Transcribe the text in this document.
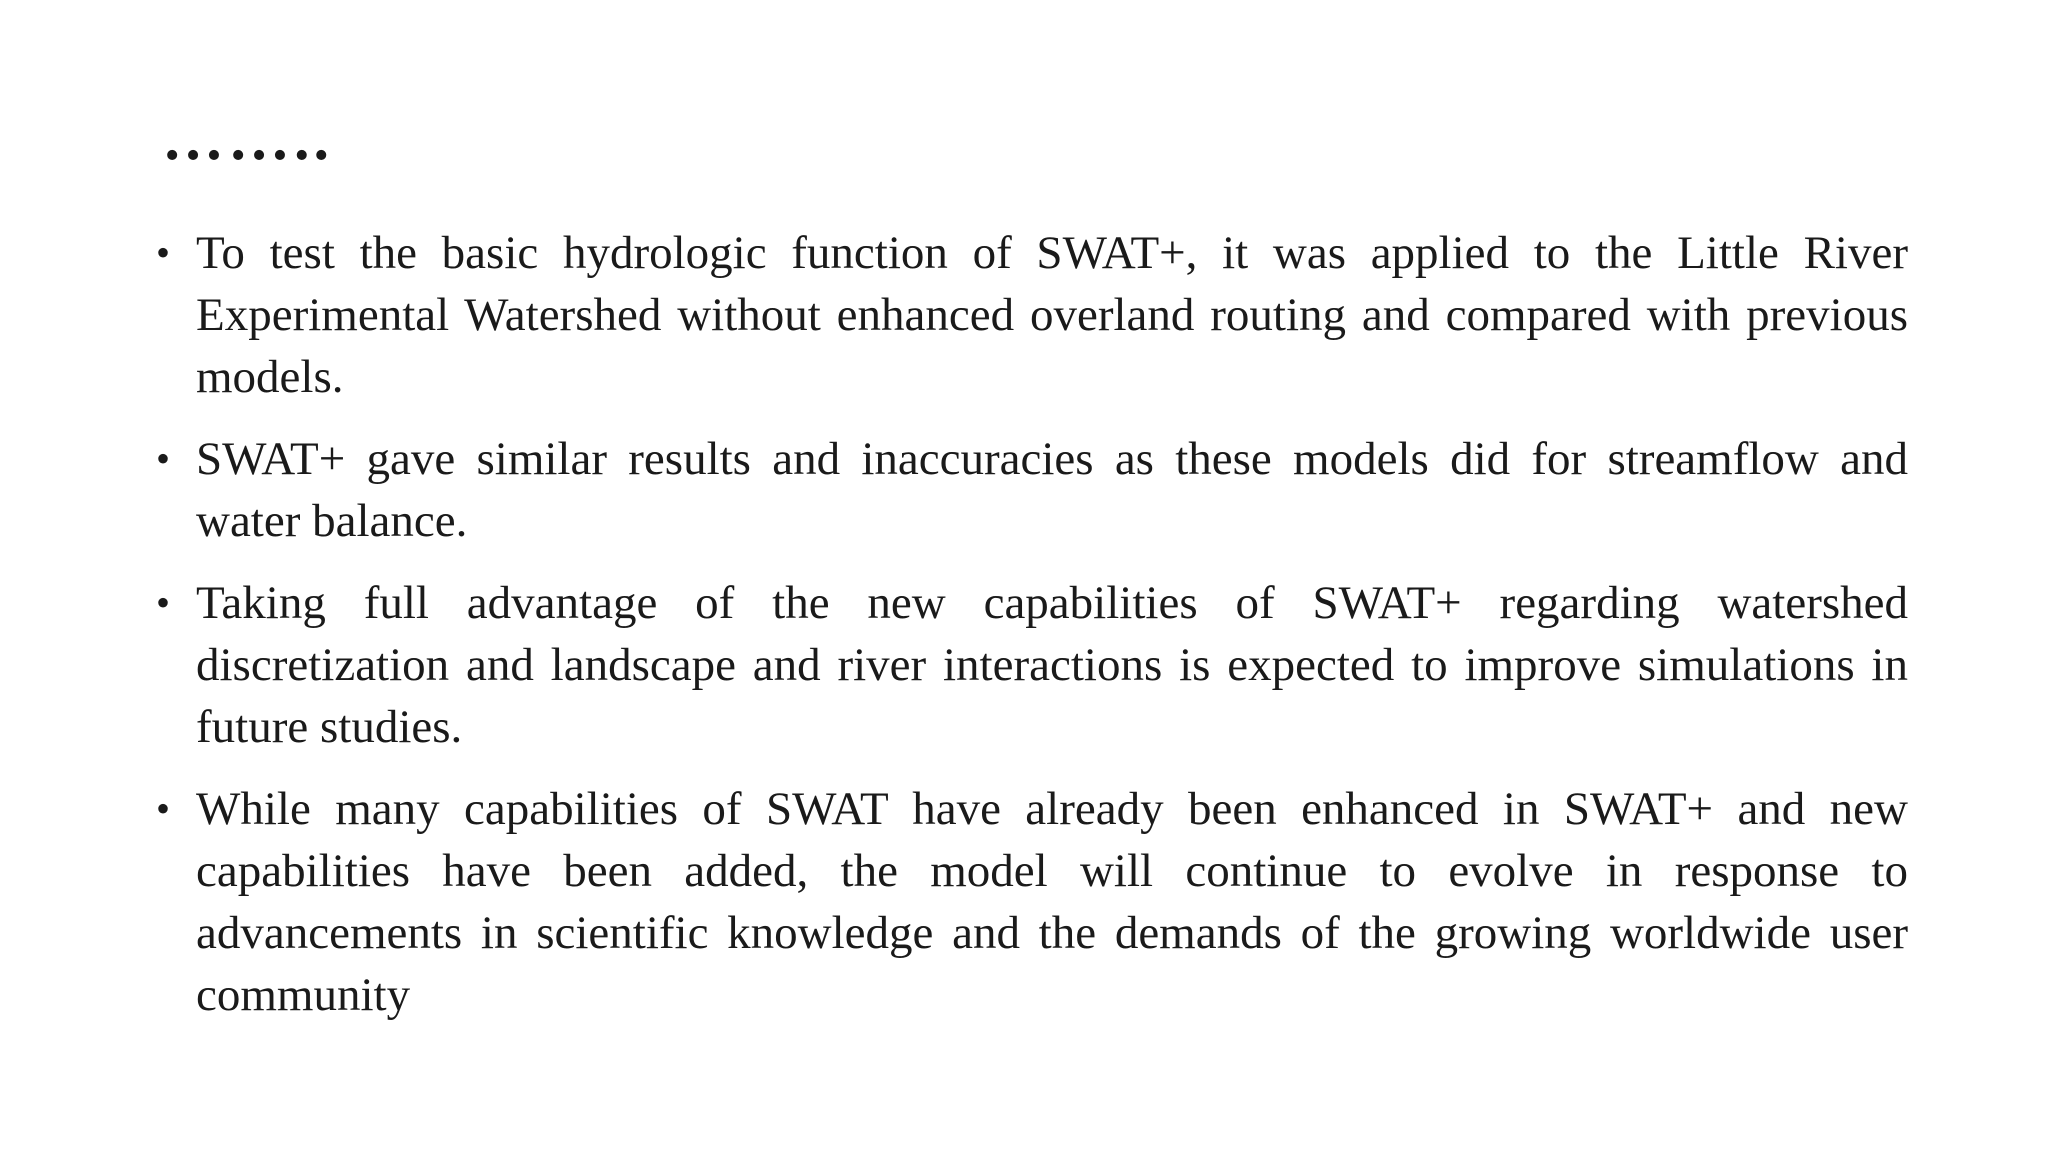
……..
• To test the basic hydrologic function of SWAT+, it was applied to the Little River Experimental Watershed without enhanced overland routing and compared with previous models.
• SWAT+ gave similar results and inaccuracies as these models did for streamflow and water balance.
• Taking full advantage of the new capabilities of SWAT+ regarding watershed discretization and landscape and river interactions is expected to improve simulations in future studies.
• While many capabilities of SWAT have already been enhanced in SWAT+ and new capabilities have been added, the model will continue to evolve in response to advancements in scientific knowledge and the demands of the growing worldwide user community
